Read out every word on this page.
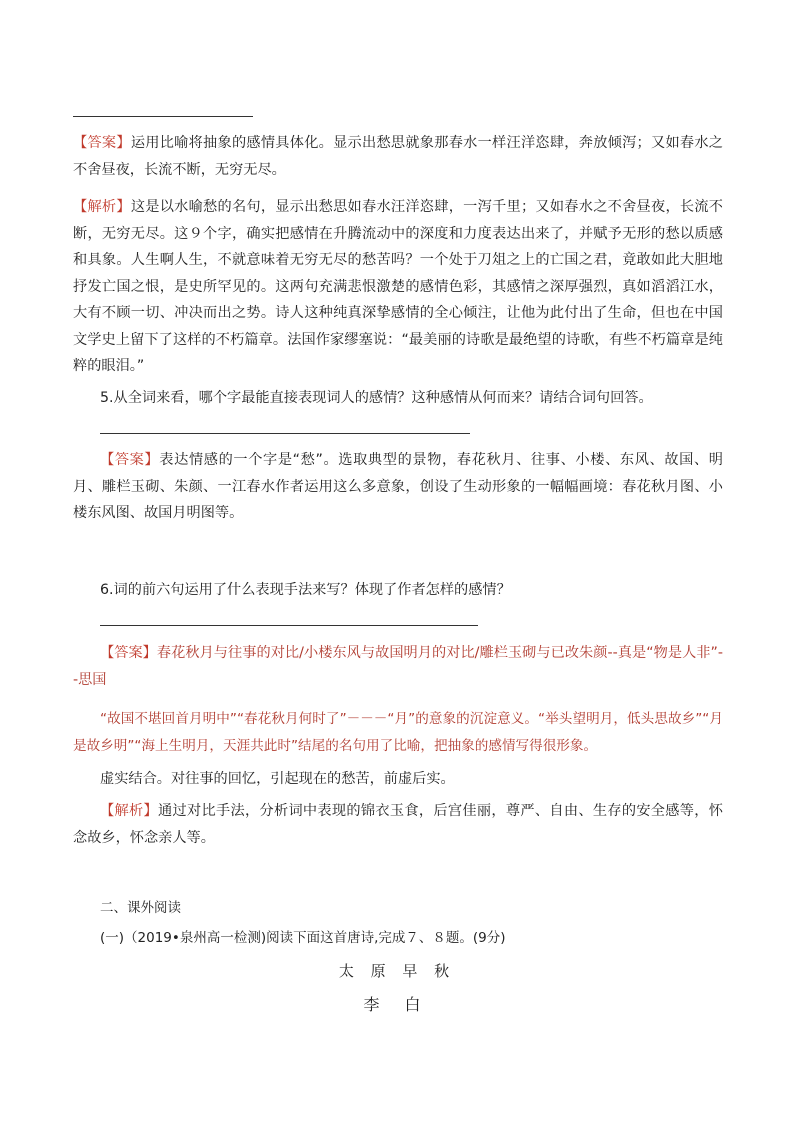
【答案】运用比喻将抽象的感情具体化。显示出愁思就象那春水一样汪洋恣肆，奔放倾泻；又如春水之不舍昼夜，长流不断，无穷无尽。

【解析】这是以水喻愁的名句，显示出愁思如春水汪洋恣肆，一泻千里；又如春水之不舍昼夜，长流不断，无穷无尽。这９个字，确实把感情在升腾流动中的深度和力度表达出来了，并赋予无形的愁以质感和具象。人生啊人生，不就意味着无穷无尽的愁苦吗？一个处于刀俎之上的亡国之君，竟敢如此大胆地抒发亡国之恨，是史所罕见的。这两句充满悲恨激楚的感情色彩，其感情之深厚强烈，真如滔滔江水，大有不顾一切、冲决而出之势。诗人这种纯真深挚感情的全心倾注，让他为此付出了生命，但也在中国文学史上留下了这样的不朽篇章。法国作家缪塞说：“最美丽的诗歌是最绝望的诗歌，有些不朽篇章是纯粹的眼泪。”

5.从全词来看，哪个字最能直接表现词人的感情？这种感情从何而来？请结合词句回答。

【答案】表达情感的一个字是“愁”。选取典型的景物，春花秋月、往事、小楼、东风、故国、明月、雕栏玉砌、朱颜、一江春水作者运用这么多意象，创设了生动形象的一幅幅画境：春花秋月图、小楼东风图、故国月明图等。

6.词的前六句运用了什么表现手法来写？体现了作者怎样的感情？

【答案】春花秋月与往事的对比/小楼东风与故国明月的对比/雕栏玉砌与已改朱颜--真是“物是人非”--思国

“故国不堪回首月明中”“春花秋月何时了”－－－“月”的意象的沉淀意义。“举头望明月，低头思故乡”“月是故乡明”“海上生明月，天涯共此时”结尾的名句用了比喻，把抽象的感情写得很形象。

虚实结合。对往事的回忆，引起现在的愁苦，前虚后实。

【解析】通过对比手法，分析词中表现的锦衣玉食，后宫佳丽，尊严、自由、生存的安全感等，怀念故乡，怀念亲人等。

二、课外阅读

(一)（2019•泉州高一检测)阅读下面这首唐诗,完成７、８题。(9分)

太 原 早 秋

李 白
